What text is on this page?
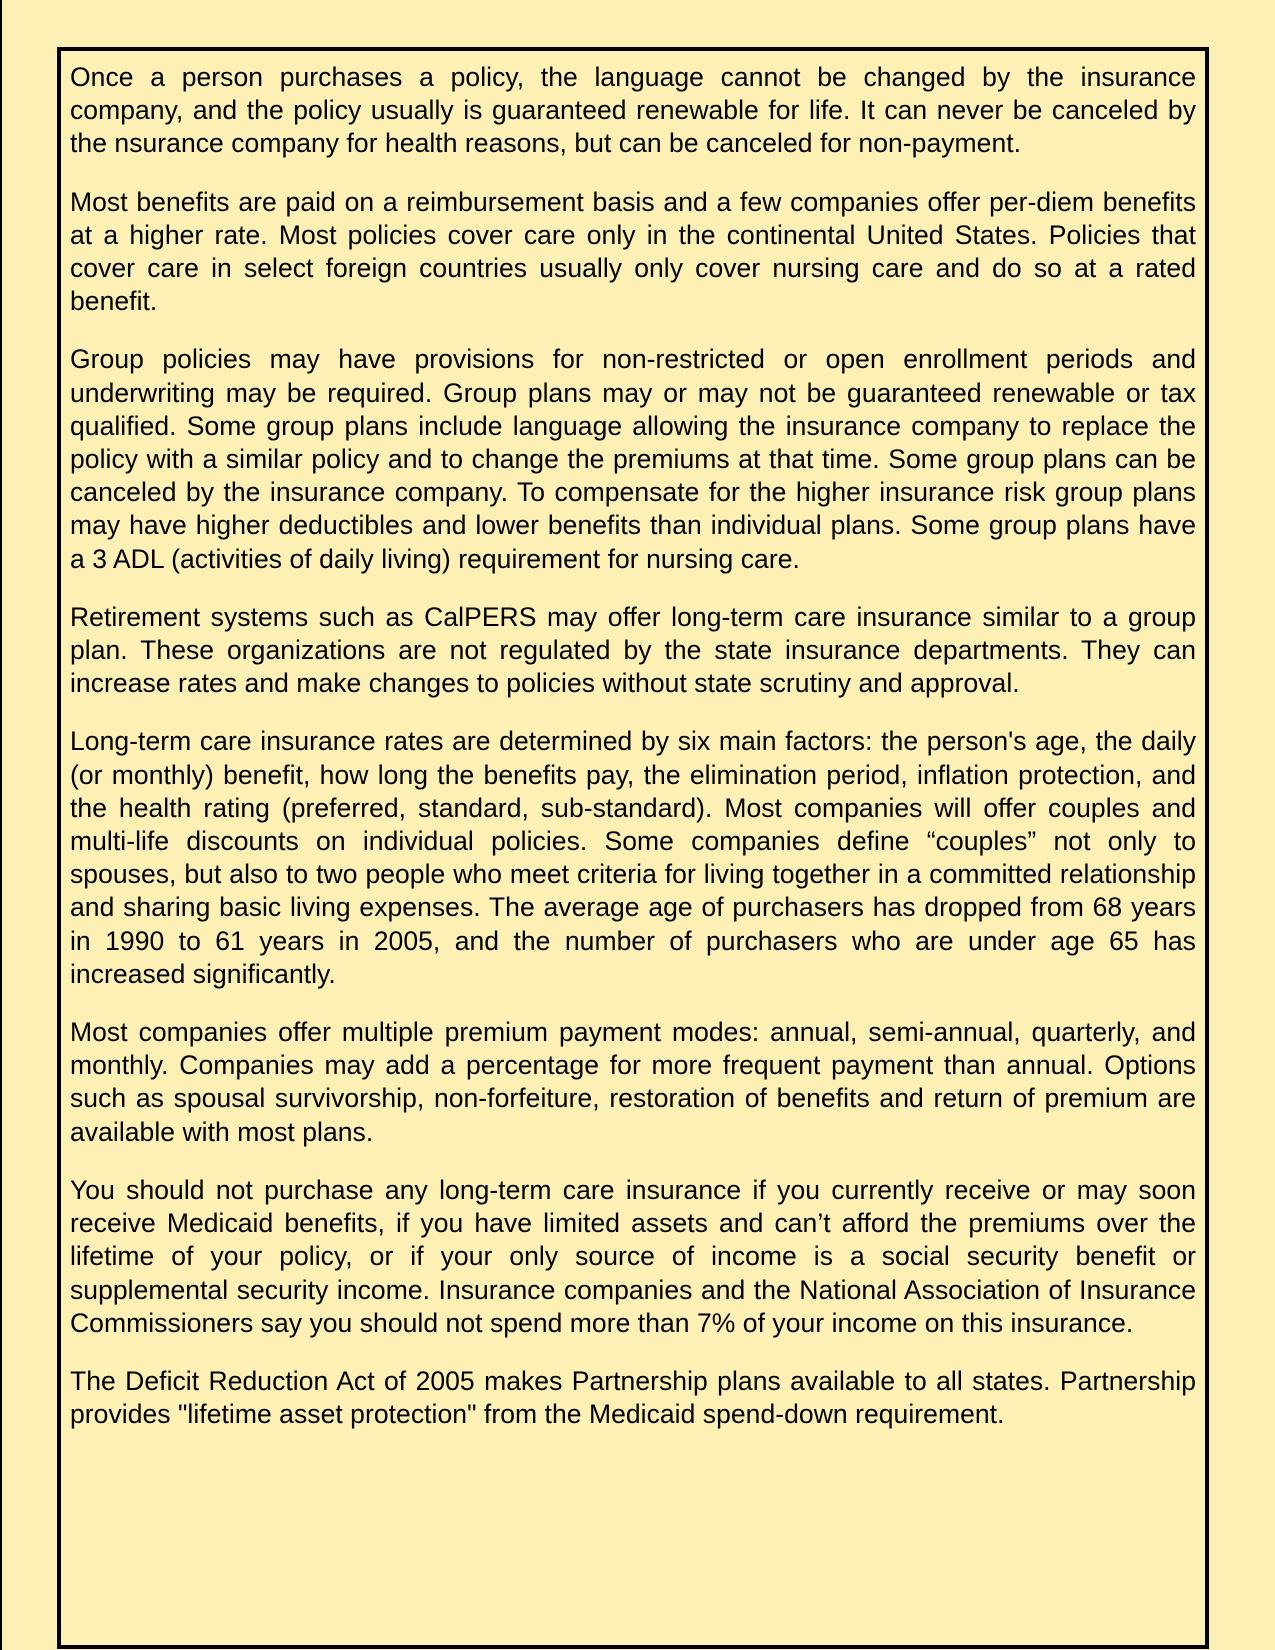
Once a person purchases a policy, the language cannot be changed by the insurance company, and the policy usually is guaranteed renewable for life. It can never be canceled by the nsurance company for health reasons, but can be canceled for non-payment.

Most benefits are paid on a reimbursement basis and a few companies offer per-diem benefits at a higher rate. Most policies cover care only in the continental United States. Policies that cover care in select foreign countries usually only cover nursing care and do so at a rated benefit.

Group policies may have provisions for non-restricted or open enrollment periods and underwriting may be required. Group plans may or may not be guaranteed renewable or tax qualified. Some group plans include language allowing the insurance company to replace the policy with a similar policy and to change the premiums at that time. Some group plans can be canceled by the insurance company. To compensate for the higher insurance risk group plans may have higher deductibles and lower benefits than individual plans. Some group plans have a 3 ADL (activities of daily living) requirement for nursing care.

Retirement systems such as CalPERS may offer long-term care insurance similar to a group plan. These organizations are not regulated by the state insurance departments. They can increase rates and make changes to policies without state scrutiny and approval.

Long-term care insurance rates are determined by six main factors: the person's age, the daily (or monthly) benefit, how long the benefits pay, the elimination period, inflation protection, and the health rating (preferred, standard, sub-standard). Most companies will offer couples and multi-life discounts on individual policies. Some companies define “couples” not only to spouses, but also to two people who meet criteria for living together in a committed relationship and sharing basic living expenses. The average age of purchasers has dropped from 68 years in 1990 to 61 years in 2005, and the number of purchasers who are under age 65 has increased significantly.

Most companies offer multiple premium payment modes: annual, semi-annual, quarterly, and monthly. Companies may add a percentage for more frequent payment than annual. Options such as spousal survivorship, non-forfeiture, restoration of benefits and return of premium are available with most plans.

You should not purchase any long-term care insurance if you currently receive or may soon receive Medicaid benefits, if you have limited assets and can’t afford the premiums over the lifetime of your policy, or if your only source of income is a social security benefit or supplemental security income. Insurance companies and the National Association of Insurance Commissioners say you should not spend more than 7% of your income on this insurance.

The Deficit Reduction Act of 2005 makes Partnership plans available to all states. Partnership provides "lifetime asset protection" from the Medicaid spend-down requirement.
